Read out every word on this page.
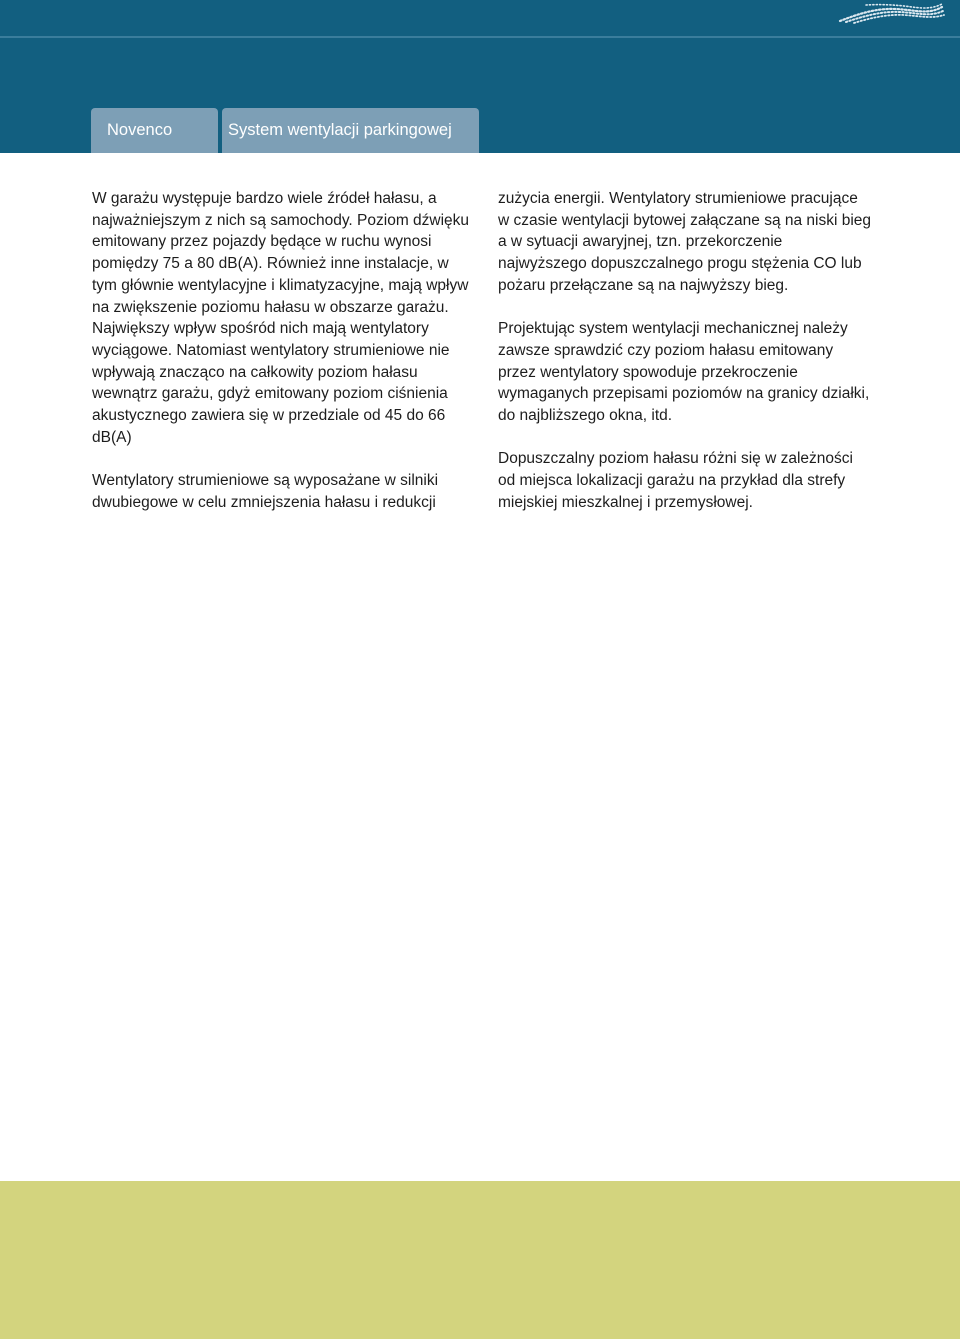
Novenco	System wentylacji parkingowej

W garażu występuje bardzo wiele źródeł hałasu, a najważniejszym z nich są samochody. Poziom dźwięku emitowany przez pojazdy będące w ruchu wynosi pomiędzy 75 a 80 dB(A). Również inne instalacje, w tym głównie wentylacyjne i klimatyzacyjne, mają wpływ na zwiększenie poziomu hałasu w obszarze garażu. Największy wpływ spośród nich mają wentylatory wyciągowe. Natomiast wentylatory strumieniowe nie wpływają znacząco na całkowity poziom hałasu wewnątrz garażu, gdyż emitowany poziom ciśnienia akustycznego zawiera się w przedziale od 45 do 66 dB(A)

Wentylatory strumieniowe są wyposażane w silniki dwubiegowe w celu zmniejszenia hałasu i redukcji

zużycia energii. Wentylatory strumieniowe pracujące w czasie wentylacji bytowej załączane są na niski bieg a w sytuacji awaryjnej, tzn. przekorczenie najwyższego dopuszczalnego progu stężenia CO lub pożaru przełączane są na najwyższy bieg.

Projektując system wentylacji mechanicznej należy zawsze sprawdzić czy poziom hałasu emitowany przez wentylatory spowoduje przekroczenie wymaganych przepisami poziomów na granicy działki, do najbliższego okna, itd.

Dopuszczalny poziom hałasu różni się w zależności od miejsca lokalizacji garażu na przykład dla strefy miejskiej mieszkalnej i przemysłowej.
